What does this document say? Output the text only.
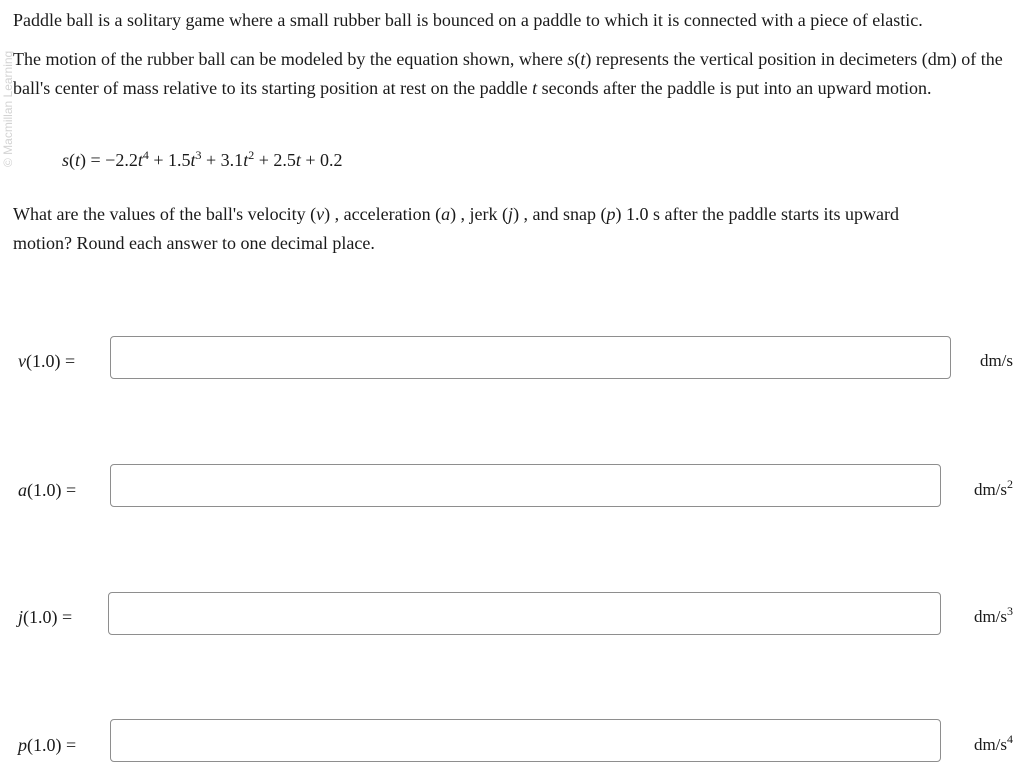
© Macmillan Learning

Paddle ball is a solitary game where a small rubber ball is bounced on a paddle to which it is connected with a piece of elastic.

The motion of the rubber ball can be modeled by the equation shown, where s(t) represents the vertical position in decimeters (dm) of the ball's center of mass relative to its starting position at rest on the paddle t seconds after the paddle is put into an upward motion.

$s(t) = -2.2t^4 + 1.5t^3 + 3.1t^2 + 2.5t + 0.2$

What are the values of the ball's velocity (v) , acceleration (a) , jerk (j) , and snap (p) 1.0 s after the paddle starts its upward motion? Round each answer to one decimal place.

v(1.0) =	dm/s
a(1.0) =	$dm/s^2$
j(1.0) =	$dm/s^3$
p(1.0) =	$dm/s^4$
